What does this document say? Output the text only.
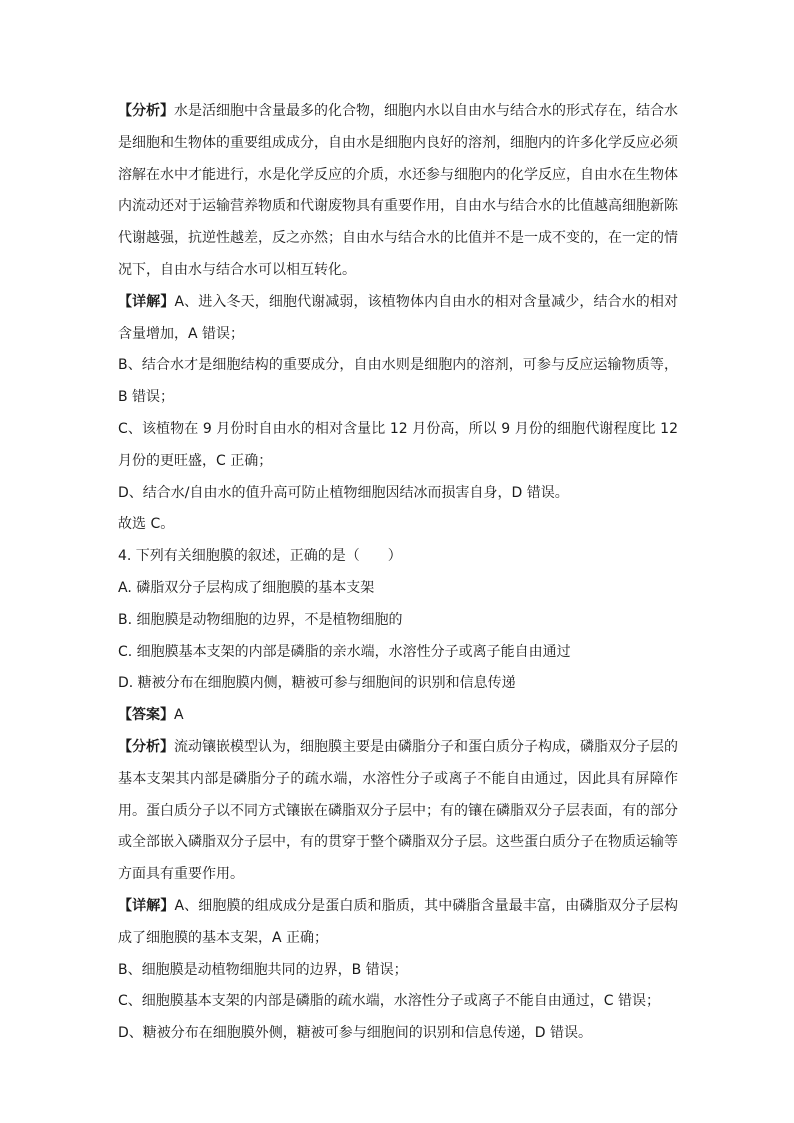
【分析】水是活细胞中含量最多的化合物，细胞内水以自由水与结合水的形式存在，结合水是细胞和生物体的重要组成成分，自由水是细胞内良好的溶剂，细胞内的许多化学反应必须溶解在水中才能进行，水是化学反应的介质，水还参与细胞内的化学反应，自由水在生物体内流动还对于运输营养物质和代谢废物具有重要作用，自由水与结合水的比值越高细胞新陈代谢越强，抗逆性越差，反之亦然；自由水与结合水的比值并不是一成不变的，在一定的情况下，自由水与结合水可以相互转化。

【详解】A、进入冬天，细胞代谢减弱，该植物体内自由水的相对含量减少，结合水的相对含量增加，A 错误；

B、结合水才是细胞结构的重要成分，自由水则是细胞内的溶剂，可参与反应运输物质等，B 错误；

C、该植物在 9 月份时自由水的相对含量比 12 月份高，所以 9 月份的细胞代谢程度比 12 月份的更旺盛，C 正确；

D、结合水/自由水的值升高可防止植物细胞因结冰而损害自身，D 错误。

故选 C。

4. 下列有关细胞膜的叙述，正确的是（　　）

A. 磷脂双分子层构成了细胞膜的基本支架

B. 细胞膜是动物细胞的边界，不是植物细胞的

C. 细胞膜基本支架的内部是磷脂的亲水端，水溶性分子或离子能自由通过

D. 糖被分布在细胞膜内侧，糖被可参与细胞间的识别和信息传递

【答案】A

【分析】流动镶嵌模型认为，细胞膜主要是由磷脂分子和蛋白质分子构成，磷脂双分子层的基本支架其内部是磷脂分子的疏水端，水溶性分子或离子不能自由通过，因此具有屏障作用。蛋白质分子以不同方式镶嵌在磷脂双分子层中；有的镶在磷脂双分子层表面，有的部分或全部嵌入磷脂双分子层中，有的贯穿于整个磷脂双分子层。这些蛋白质分子在物质运输等方面具有重要作用。

【详解】A、细胞膜的组成成分是蛋白质和脂质，其中磷脂含量最丰富，由磷脂双分子层构成了细胞膜的基本支架，A 正确；

B、细胞膜是动植物细胞共同的边界，B 错误；

C、细胞膜基本支架的内部是磷脂的疏水端，水溶性分子或离子不能自由通过，C 错误；

D、糖被分布在细胞膜外侧，糖被可参与细胞间的识别和信息传递，D 错误。
